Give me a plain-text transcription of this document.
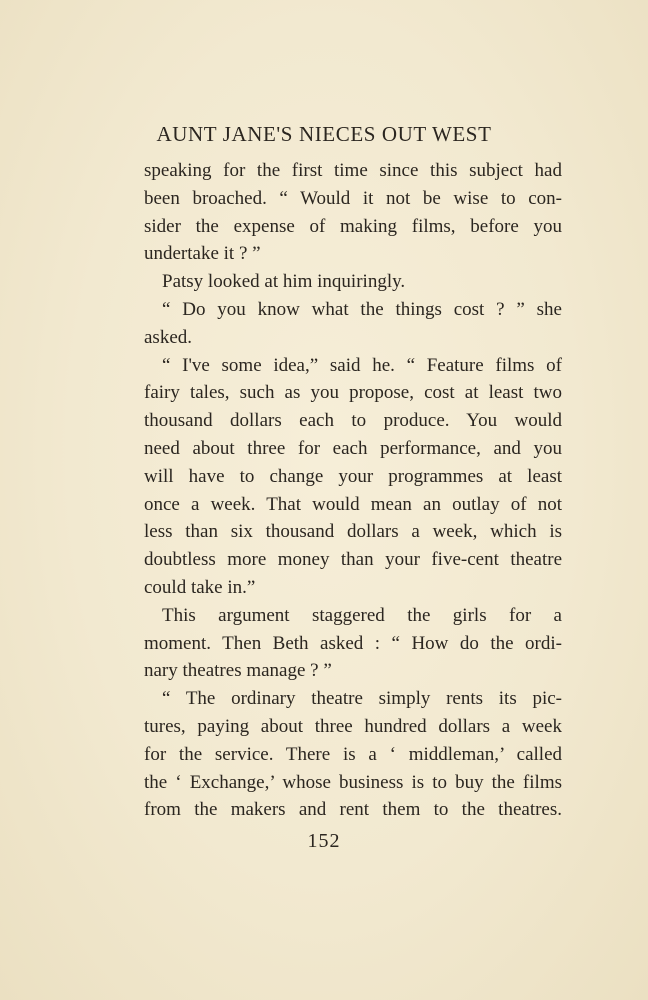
AUNT JANE'S NIECES OUT WEST
speaking for the first time since this subject had
been broached. “ Would it not be wise to con-
sider the expense of making films, before you
undertake it ? ”
Patsy looked at him inquiringly.
“ Do you know what the things cost ? ” she
asked.
“ I've some idea,” said he. “ Feature films of
fairy tales, such as you propose, cost at least two
thousand dollars each to produce. You would
need about three for each performance, and you
will have to change your programmes at least
once a week. That would mean an outlay of not
less than six thousand dollars a week, which is
doubtless more money than your five-cent theatre
could take in.”
This argument staggered the girls for a
moment. Then Beth asked : “ How do the ordi-
nary theatres manage ? ”
“ The ordinary theatre simply rents its pic-
tures, paying about three hundred dollars a week
for the service. There is a ‘ middleman,’ called
the ‘ Exchange,’ whose business is to buy the films
from the makers and rent them to the theatres.
152
